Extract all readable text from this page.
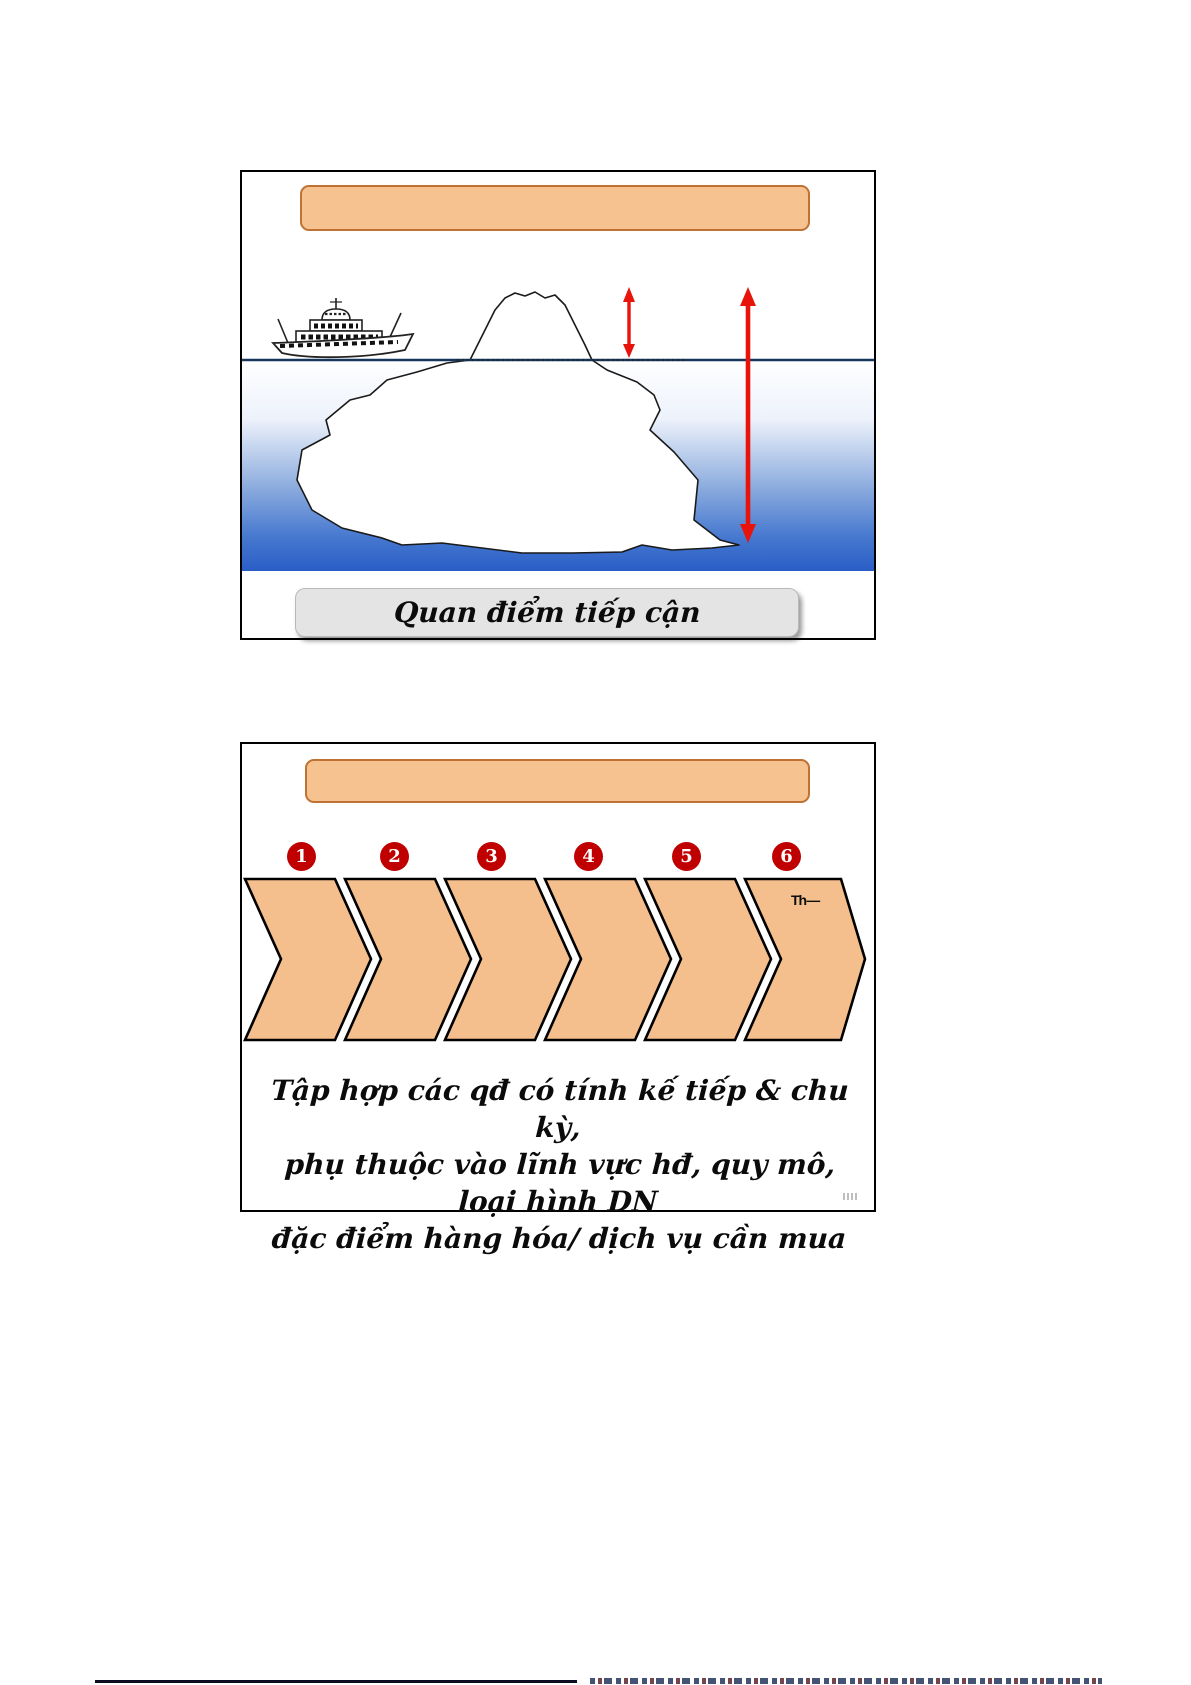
Quan điểm tiếp cận
1	2	3	4	5	6
Th––
Tập hợp các qđ có tính kế tiếp & chu kỳ,
phụ thuộc vào lĩnh vực hđ, quy mô, loại hình DN
đặc điểm hàng hóa/ dịch vụ cần mua
